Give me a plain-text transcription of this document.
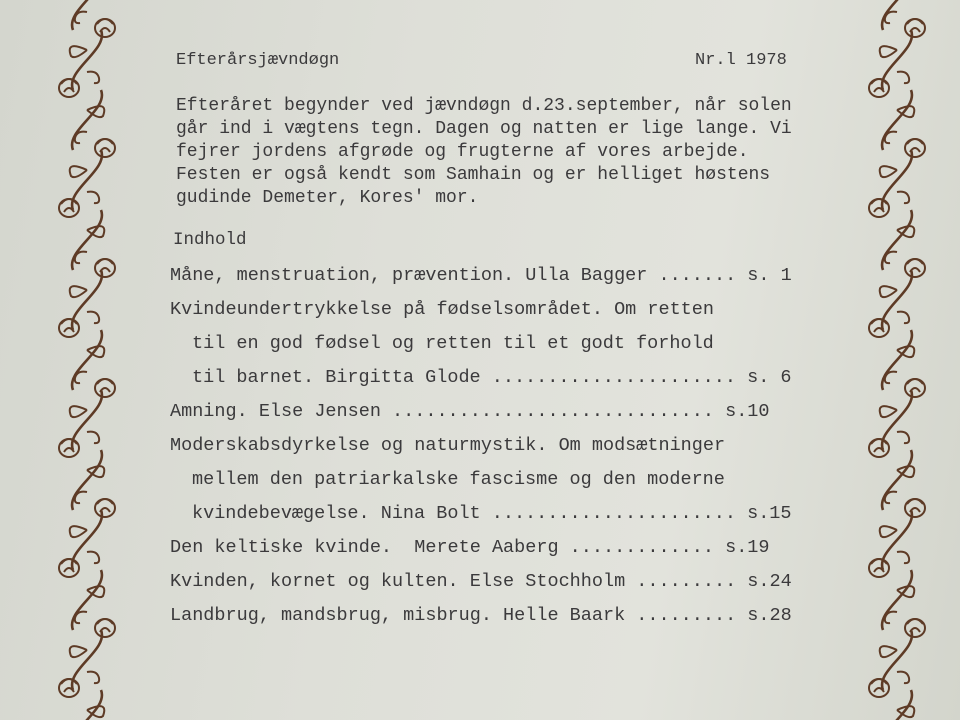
Efterårsjævndøgn	Nr.l 1978
Efteråret begynder ved jævndøgn d.23.september, når solen
går ind i vægtens tegn. Dagen og natten er lige lange. Vi
fejrer jordens afgrøde og frugterne af vores arbejde.
Festen er også kendt som Samhain og er helliget høstens
gudinde Demeter, Kores' mor.
Indhold
Måne, menstruation, prævention. Ulla Bagger ....... s. 1
Kvindeundertrykkelse på fødselsområdet. Om retten
til en god fødsel og retten til et godt forhold
til barnet. Birgitta Glode ...................... s. 6
Amning. Else Jensen ............................. s.10
Moderskabsdyrkelse og naturmystik. Om modsætninger
mellem den patriarkalske fascisme og den moderne
kvindebevægelse. Nina Bolt ...................... s.15
Den keltiske kvinde.  Merete Aaberg ............. s.19
Kvinden, kornet og kulten. Else Stochholm ......... s.24
Landbrug, mandsbrug, misbrug. Helle Baark ......... s.28
